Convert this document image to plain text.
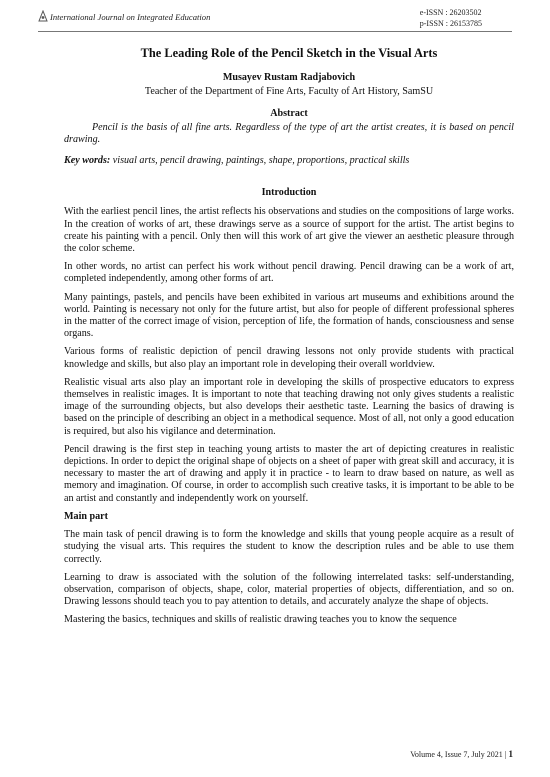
International Journal on Integrated Education	e-ISSN : 26203502
p-ISSN : 26153785

The Leading Role of the Pencil Sketch in the Visual Arts

Musayev Rustam Radjabovich

Teacher of the Department of Fine Arts, Faculty of Art History, SamSU

Abstract

Pencil is the basis of all fine arts. Regardless of the type of art the artist creates, it is based on pencil drawing.

Key words: visual arts, pencil drawing, paintings, shape, proportions, practical skills

Introduction

With the earliest pencil lines, the artist reflects his observations and studies on the compositions of large works. In the creation of works of art, these drawings serve as a source of support for the artist. The artist begins to create his painting with a pencil. Only then will this work of art give the viewer an aesthetic pleasure through the color scheme.

In other words, no artist can perfect his work without pencil drawing. Pencil drawing can be a work of art, completed independently, among other forms of art.

Many paintings, pastels, and pencils have been exhibited in various art museums and exhibitions around the world. Painting is necessary not only for the future artist, but also for people of different professional spheres in the matter of the correct image of vision, perception of life, the formation of hands, consciousness and sense organs.

Various forms of realistic depiction of pencil drawing lessons not only provide students with practical knowledge and skills, but also play an important role in developing their overall worldview.

Realistic visual arts also play an important role in developing the skills of prospective educators to express themselves in realistic images. It is important to note that teaching drawing not only gives students a realistic image of the surrounding objects, but also develops their aesthetic taste. Learning the basics of drawing is based on the principle of describing an object in a methodical sequence. Most of all, not only a good education is required, but also his vigilance and determination.

Pencil drawing is the first step in teaching young artists to master the art of depicting creatures in realistic depictions. In order to depict the original shape of objects on a sheet of paper with great skill and accuracy, it is necessary to master the art of drawing and apply it in practice - to learn to draw based on nature, as well as memory and imagination. Of course, in order to accomplish such creative tasks, it is important to be able to be an artist and constantly and independently work on yourself.

Main part

The main task of pencil drawing is to form the knowledge and skills that young people acquire as a result of studying the visual arts. This requires the student to know the description rules and be able to use them correctly.

Learning to draw is associated with the solution of the following interrelated tasks: self-understanding, observation, comparison of objects, shape, color, material properties of objects, differentiation, and so on. Drawing lessons should teach you to pay attention to details, and accurately analyze the shape of objects.

Mastering the basics, techniques and skills of realistic drawing teaches you to know the sequence

Volume 4, Issue 7, July 2021 | 1
